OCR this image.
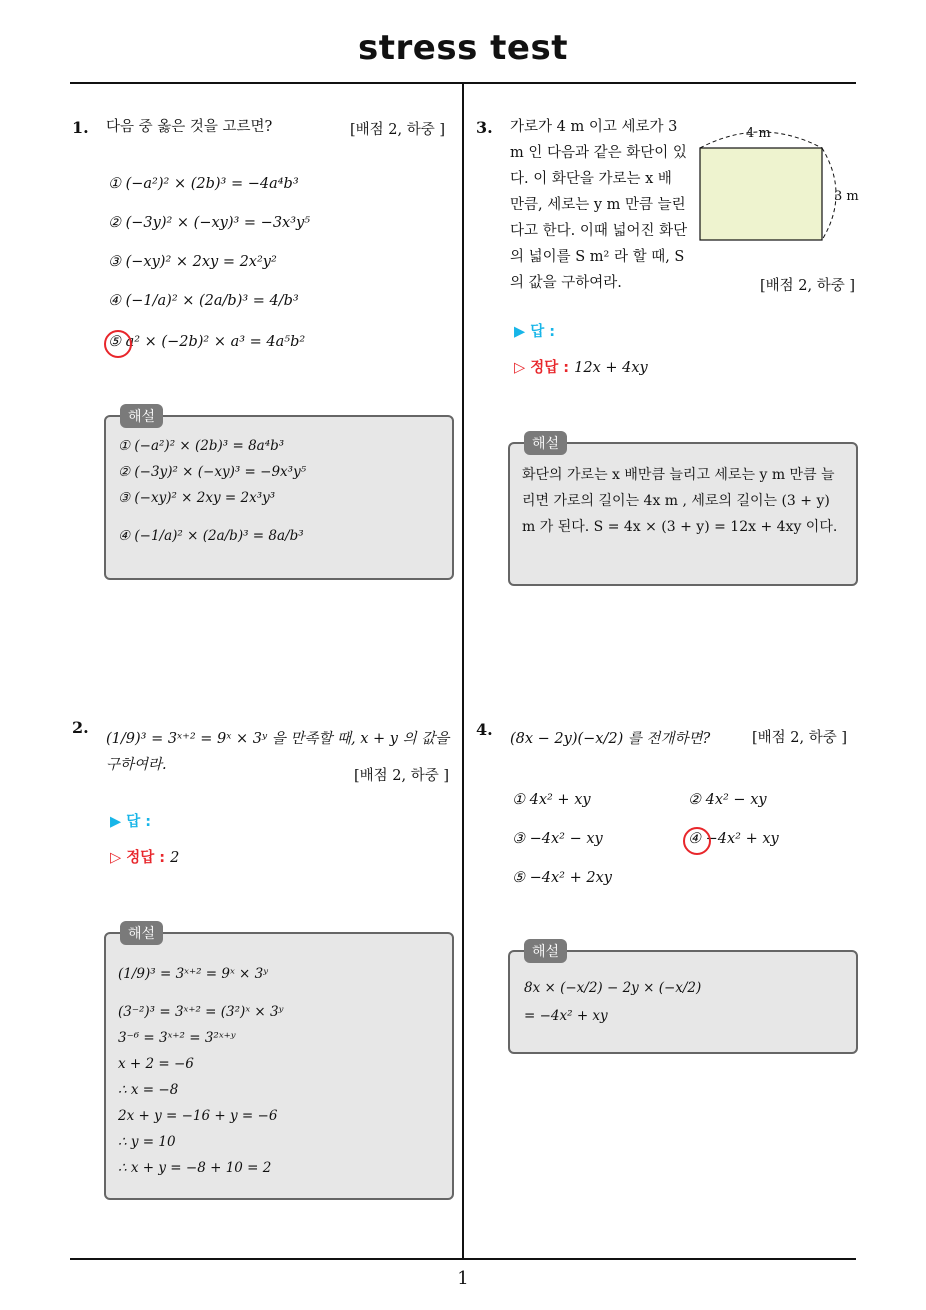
stress test
1
1. 다음 중 옳은 것을 고르면?	[배점 2, 하중 ]
① (−a²)² × (2b)³ = −4a⁴b³
② (−3y)² × (−xy)³ = −3x³y⁵
③ (−xy)² × 2xy = 2x²y²
④ (−1/a)² × (2a/b)³ = 4/b³
⑤ a² × (−2b)² × a³ = 4a⁵b²
해설
① (−a²)² × (2b)³ = 8a⁴b³
② (−3y)² × (−xy)³ = −9x³y⁵
③ (−xy)² × 2xy = 2x³y³
④ (−1/a)² × (2a/b)³ = 8a/b³
2.
(1/9)³ = 3ˣ⁺² = 9ˣ × 3ʸ 을 만족할 때, x + y 의 값을 구하여라.
[배점 2, 하중 ]
▶ 답 :
▷ 정답 : 2
해설
(1/9)³ = 3ˣ⁺² = 9ˣ × 3ʸ
(3⁻²)³ = 3ˣ⁺² = (3²)ˣ × 3ʸ
3⁻⁶ = 3ˣ⁺² = 3²ˣ⁺ʸ
x + 2 = −6
∴ x = −8
2x + y = −16 + y = −6
∴ y = 10
∴ x + y = −8 + 10 = 2
3. 가로가 4 m 이고 세로가 3 m 인 다음과 같은 화단이 있다. 이 화단을 가로는 x 배 만큼, 세로는 y m 만큼 늘린다고 한다. 이때 넓어진 화단의 넓이를 S m² 라 할 때, S 의 값을 구하여라.
4 m
3 m
[배점 2, 하중 ]
▶ 답 :
▷ 정답 : 12x + 4xy
해설
화단의 가로는 x 배만큼 늘리고 세로는 y m 만큼 늘리면 가로의 길이는 4x m , 세로의 길이는 (3 + y) m 가 된다. S = 4x × (3 + y) = 12x + 4xy 이다.
4. (8x − 2y)(−x/2) 를 전개하면?	[배점 2, 하중 ]
① 4x² + xy	② 4x² − xy
③ −4x² − xy	④ −4x² + xy
⑤ −4x² + 2xy
해설
8x × (−x/2) − 2y × (−x/2)
= −4x² + xy
